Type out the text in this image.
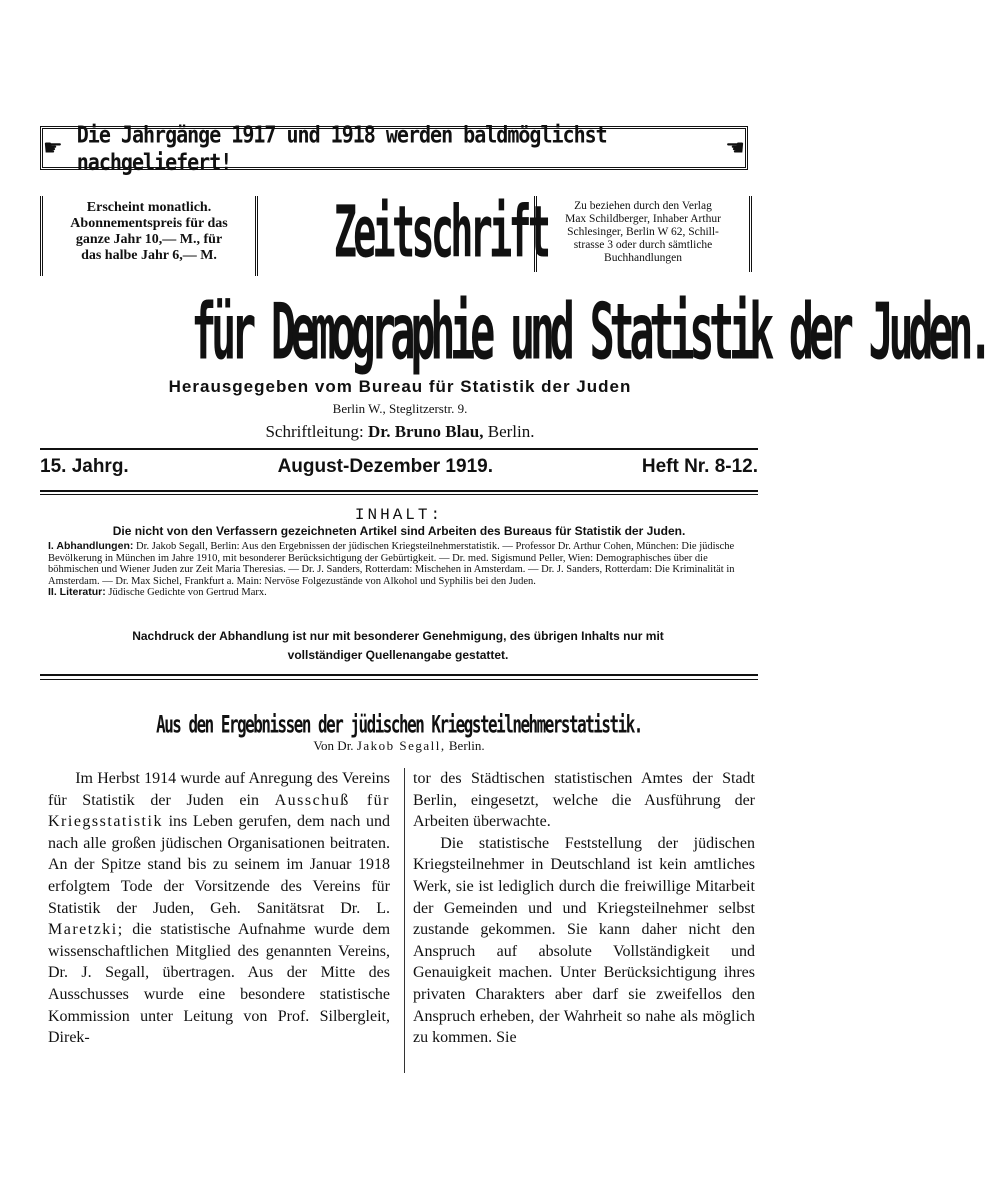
☛ Die Jahrgänge 1917 und 1918 werden baldmöglichst nachgeliefert!
☚
Erscheint monatlich.
Abonnementspreis für das
ganze Jahr 10,— M., für
das halbe Jahr 6,— M.	Zeitschrift	Zu beziehen durch den Verlag
Max Schildberger, Inhaber Arthur
Schlesinger, Berlin W 62, Schill-
strasse 3 oder durch sämtliche
Buchhandlungen
für Demographie und Statistik der Juden.
Herausgegeben vom Bureau für Statistik der Juden
Berlin W., Steglitzerstr. 9.
Schriftleitung: Dr. Bruno Blau, Berlin.
15. Jahrg.	August-Dezember 1919.	Heft Nr. 8-12.
INHALT:
Die nicht von den Verfassern gezeichneten Artikel sind Arbeiten des Bureaus für Statistik der Juden.
I. Abhandlungen: Dr. Jakob Segall, Berlin: Aus den Ergebnissen der jüdischen Kriegsteilnehmerstatistik. — Professor Dr. Arthur Cohen, München: Die jüdische Bevölkerung in München im Jahre 1910, mit besonderer Berücksichtigung der Gebürtigkeit. — Dr. med. Sigismund Peller, Wien: Demographisches über die böhmischen und Wiener Juden zur Zeit Maria Theresias. — Dr. J. Sanders, Rotterdam: Mischehen in Amsterdam. — Dr. J. Sanders, Rotterdam: Die Kriminalität in Amsterdam. — Dr. Max Sichel, Frankfurt a. Main: Nervöse Folgezustände von Alkohol und Syphilis bei den Juden.
II. Literatur: Jüdische Gedichte von Gertrud Marx.
Nachdruck der Abhandlung ist nur mit besonderer Genehmigung, des übrigen Inhalts nur mit
vollständiger Quellenangabe gestattet.
Aus den Ergebnissen der jüdischen Kriegsteilnehmerstatistik.
Von Dr. Jakob Segall, Berlin.

Im Herbst 1914 wurde auf Anregung des Vereins für Statistik der Juden ein Ausschuß für Kriegsstatistik ins Leben gerufen, dem nach und nach alle großen jüdischen Organisationen beitraten. An der Spitze stand bis zu seinem im Januar 1918 erfolgtem Tode der Vorsitzende des Vereins für Statistik der Juden, Geh. Sanitätsrat Dr. L. Maretzki; die statistische Aufnahme wurde dem wissenschaftlichen Mitglied des genannten Vereins, Dr. J. Segall, übertragen. Aus der Mitte des Ausschusses wurde eine besondere statistische Kommission unter Leitung von Prof. Silbergleit, Direk-

tor des Städtischen statistischen Amtes der Stadt Berlin, eingesetzt, welche die Ausführung der Arbeiten überwachte.

Die statistische Feststellung der jüdischen Kriegsteilnehmer in Deutschland ist kein amtliches Werk, sie ist lediglich durch die freiwillige Mitarbeit der Gemeinden und und Kriegsteilnehmer selbst zustande gekommen. Sie kann daher nicht den Anspruch auf absolute Vollständigkeit und Genauigkeit machen. Unter Berücksichtigung ihres privaten Charakters aber darf sie zweifellos den Anspruch erheben, der Wahrheit so nahe als möglich zu kommen. Sie
